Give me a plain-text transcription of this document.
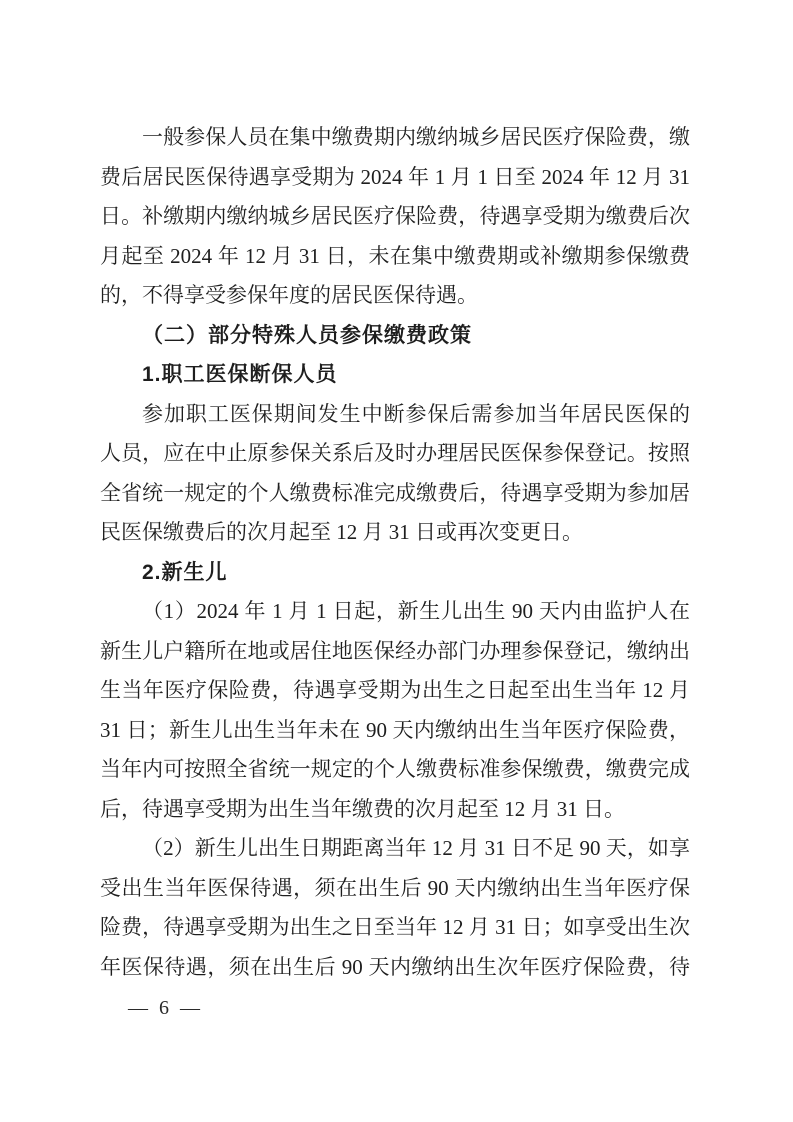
一般参保人员在集中缴费期内缴纳城乡居民医疗保险费，缴
费后居民医保待遇享受期为 2024 年 1 月 1 日至 2024 年 12 月 31
日。补缴期内缴纳城乡居民医疗保险费，待遇享受期为缴费后次
月起至 2024 年 12 月 31 日，未在集中缴费期或补缴期参保缴费
的，不得享受参保年度的居民医保待遇。
（二）部分特殊人员参保缴费政策
1.职工医保断保人员
参加职工医保期间发生中断参保后需参加当年居民医保的
人员，应在中止原参保关系后及时办理居民医保参保登记。按照
全省统一规定的个人缴费标准完成缴费后，待遇享受期为参加居
民医保缴费后的次月起至 12 月 31 日或再次变更日。
2.新生儿
（1）2024 年 1 月 1 日起，新生儿出生 90 天内由监护人在
新生儿户籍所在地或居住地医保经办部门办理参保登记，缴纳出
生当年医疗保险费，待遇享受期为出生之日起至出生当年 12 月
31 日；新生儿出生当年未在 90 天内缴纳出生当年医疗保险费，
当年内可按照全省统一规定的个人缴费标准参保缴费，缴费完成
后，待遇享受期为出生当年缴费的次月起至 12 月 31 日。
（2）新生儿出生日期距离当年 12 月 31 日不足 90 天，如享
受出生当年医保待遇，须在出生后 90 天内缴纳出生当年医疗保
险费，待遇享受期为出生之日至当年 12 月 31 日；如享受出生次
年医保待遇，须在出生后 90 天内缴纳出生次年医疗保险费，待
— 6 —
